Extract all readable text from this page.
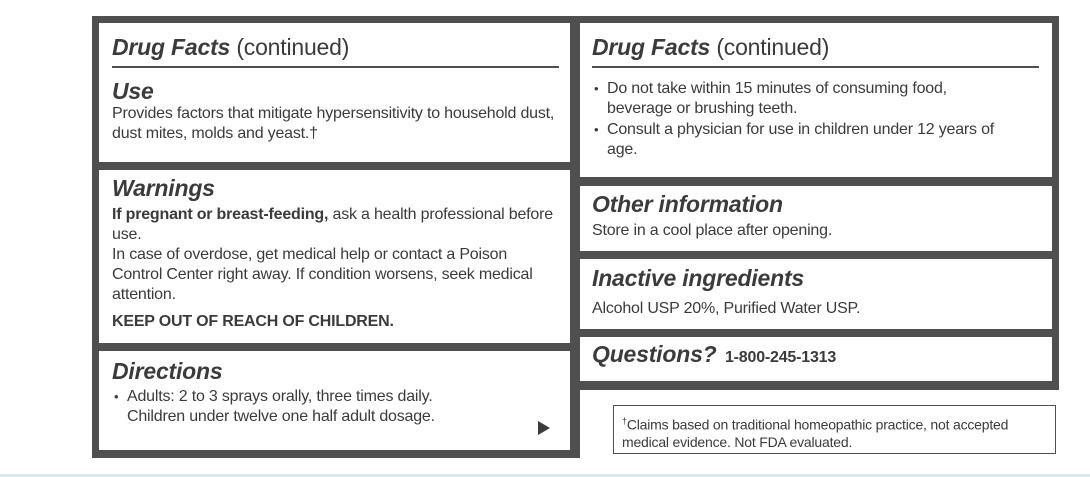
Drug Facts (continued)
Use
Provides factors that mitigate hypersensitivity to household dust, dust mites, molds and yeast.†
Warnings
If pregnant or breast-feeding, ask a health professional before use.
In case of overdose, get medical help or contact a Poison Control Center right away. If condition worsens, seek medical attention.
KEEP OUT OF REACH OF CHILDREN.
Directions
• Adults: 2 to 3 sprays orally, three times daily.
Children under twelve one half adult dosage.
Drug Facts (continued)
• Do not take within 15 minutes of consuming food, beverage or brushing teeth.
• Consult a physician for use in children under 12 years of age.
Other information
Store in a cool place after opening.
Inactive ingredients
Alcohol USP 20%, Purified Water USP.
Questions? 1-800-245-1313
†Claims based on traditional homeopathic practice, not accepted medical evidence. Not FDA evaluated.
